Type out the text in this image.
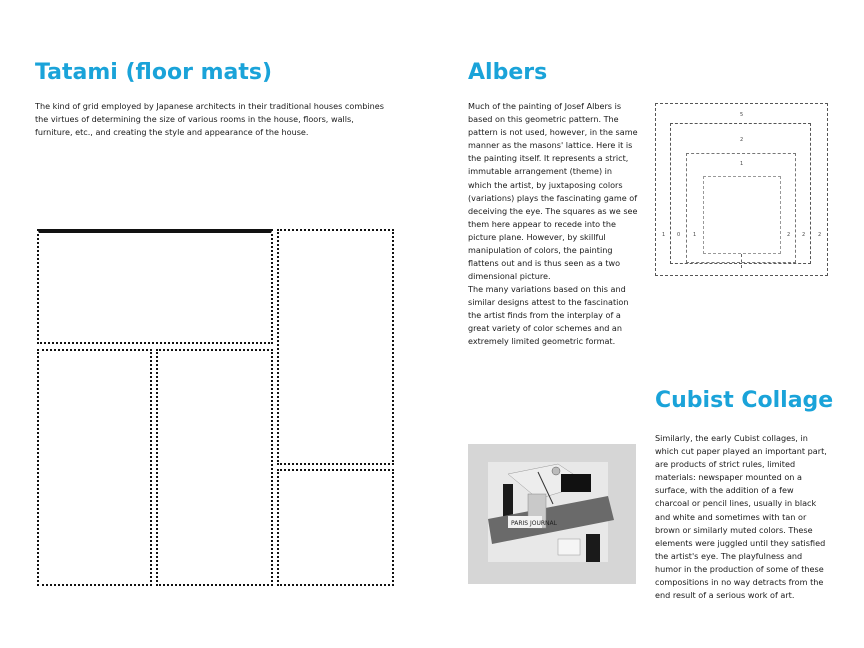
Tatami (floor mats)

The kind of grid employed by Japanese architects in their traditional houses combines the virtues of determining the size of various rooms in the house, floors, walls, furniture, etc., and creating the style and appearance of the house.

Albers

Much of the painting of Josef Albers is based on this geometric pattern. The pattern is not used, however, in the same manner as the masons' lattice. Here it is the painting itself. It represents a strict, immutable arrangement (theme) in which the artist, by juxtaposing colors (variations) plays the fascinating game of deceiving the eye. The squares as we see them here appear to recede into the picture plane. However, by skillful manipulation of colors, the painting flattens out and is thus seen as a two dimensional picture.

The many variations based on this and similar designs attest to the fascination the artist finds from the interplay of a great variety of color schemes and an extremely limited geometric format.

5
2
1
1 0	1	2 2	2
Cubist Collage

Similarly, the early Cubist collages, in which cut paper played an important part, are products of strict rules, limited materials: newspaper mounted on a surface, with the addition of a few charcoal or pencil lines, usually in black and white and sometimes with tan or brown or similarly muted colors. These elements were juggled until they satisfied the artist's eye. The playfulness and humor in the production of some of these compositions in no way detracts from the end result of a serious work of art.

PARIS JOURNAL
